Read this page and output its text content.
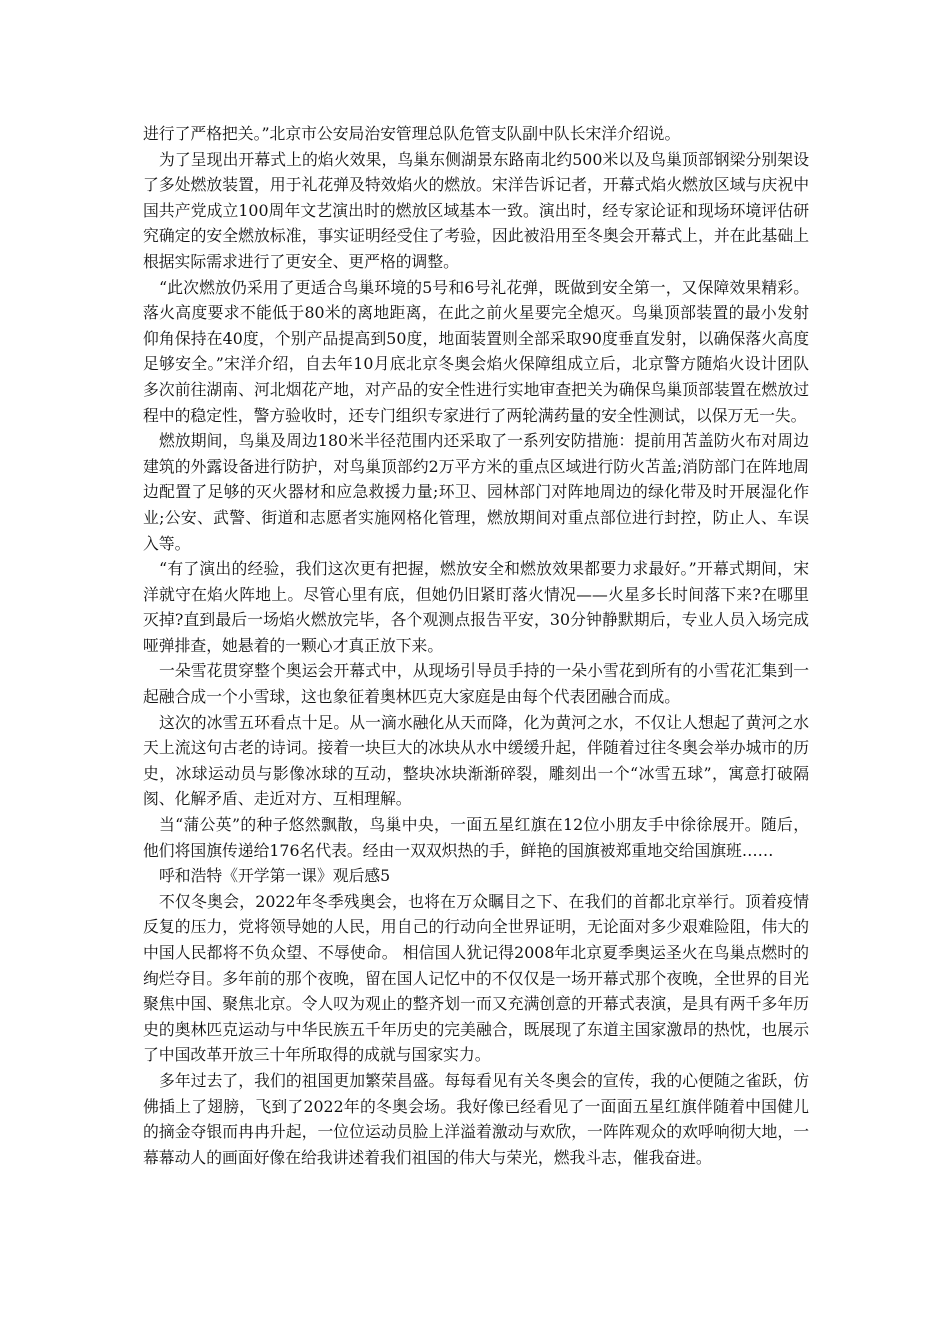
进行了严格把关。”北京市公安局治安管理总队危管支队副中队长宋洋介绍说。

为了呈现出开幕式上的焰火效果，鸟巢东侧湖景东路南北约500米以及鸟巢顶部钢梁分别架设了多处燃放装置，用于礼花弹及特效焰火的燃放。宋洋告诉记者，开幕式焰火燃放区域与庆祝中国共产党成立100周年文艺演出时的燃放区域基本一致。演出时，经专家论证和现场环境评估研究确定的安全燃放标准，事实证明经受住了考验，因此被沿用至冬奥会开幕式上，并在此基础上根据实际需求进行了更安全、更严格的调整。

“此次燃放仍采用了更适合鸟巢环境的5号和6号礼花弹，既做到安全第一，又保障效果精彩。落火高度要求不能低于80米的离地距离，在此之前火星要完全熄灭。鸟巢顶部装置的最小发射仰角保持在40度，个别产品提高到50度，地面装置则全部采取90度垂直发射，以确保落火高度足够安全。”宋洋介绍，自去年10月底北京冬奥会焰火保障组成立后，北京警方随焰火设计团队多次前往湖南、河北烟花产地，对产品的安全性进行实地审查把关为确保鸟巢顶部装置在燃放过程中的稳定性，警方验收时，还专门组织专家进行了两轮满药量的安全性测试，以保万无一失。

燃放期间，鸟巢及周边180米半径范围内还采取了一系列安防措施：提前用苫盖防火布对周边建筑的外露设备进行防护，对鸟巢顶部约2万平方米的重点区域进行防火苫盖;消防部门在阵地周边配置了足够的灭火器材和应急救援力量;环卫、园林部门对阵地周边的绿化带及时开展湿化作业;公安、武警、街道和志愿者实施网格化管理，燃放期间对重点部位进行封控，防止人、车误入等。

“有了演出的经验，我们这次更有把握，燃放安全和燃放效果都要力求最好。”开幕式期间，宋洋就守在焰火阵地上。尽管心里有底，但她仍旧紧盯落火情况——火星多长时间落下来?在哪里灭掉?直到最后一场焰火燃放完毕，各个观测点报告平安，30分钟静默期后，专业人员入场完成哑弹排查，她悬着的一颗心才真正放下来。

一朵雪花贯穿整个奥运会开幕式中，从现场引导员手持的一朵小雪花到所有的小雪花汇集到一起融合成一个小雪球，这也象征着奥林匹克大家庭是由每个代表团融合而成。

这次的冰雪五环看点十足。从一滴水融化从天而降，化为黄河之水，不仅让人想起了黄河之水天上流这句古老的诗词。接着一块巨大的冰块从水中缓缓升起，伴随着过往冬奥会举办城市的历史，冰球运动员与影像冰球的互动，整块冰块渐渐碎裂，雕刻出一个“冰雪五球”，寓意打破隔阂、化解矛盾、走近对方、互相理解。

当“蒲公英”的种子悠然飘散，鸟巢中央，一面五星红旗在12位小朋友手中徐徐展开。随后，他们将国旗传递给176名代表。经由一双双炽热的手，鲜艳的国旗被郑重地交给国旗班……

呼和浩特《开学第一课》观后感5

不仅冬奥会，2022年冬季残奥会，也将在万众瞩目之下、在我们的首都北京举行。顶着疫情反复的压力，党将领导她的人民，用自己的行动向全世界证明，无论面对多少艰难险阻，伟大的中国人民都将不负众望、不辱使命。 相信国人犹记得2008年北京夏季奥运圣火在鸟巢点燃时的绚烂夺目。多年前的那个夜晚，留在国人记忆中的不仅仅是一场开幕式那个夜晚，全世界的目光聚焦中国、聚焦北京。令人叹为观止的整齐划一而又充满创意的开幕式表演，是具有两千多年历史的奥林匹克运动与中华民族五千年历史的完美融合，既展现了东道主国家激昂的热忱，也展示了中国改革开放三十年所取得的成就与国家实力。

多年过去了，我们的祖国更加繁荣昌盛。每每看见有关冬奥会的宣传，我的心便随之雀跃，仿佛插上了翅膀，飞到了2022年的冬奥会场。我好像已经看见了一面面五星红旗伴随着中国健儿的摘金夺银而冉冉升起，一位位运动员脸上洋溢着激动与欢欣，一阵阵观众的欢呼响彻大地，一幕幕动人的画面好像在给我讲述着我们祖国的伟大与荣光，燃我斗志，催我奋进。
